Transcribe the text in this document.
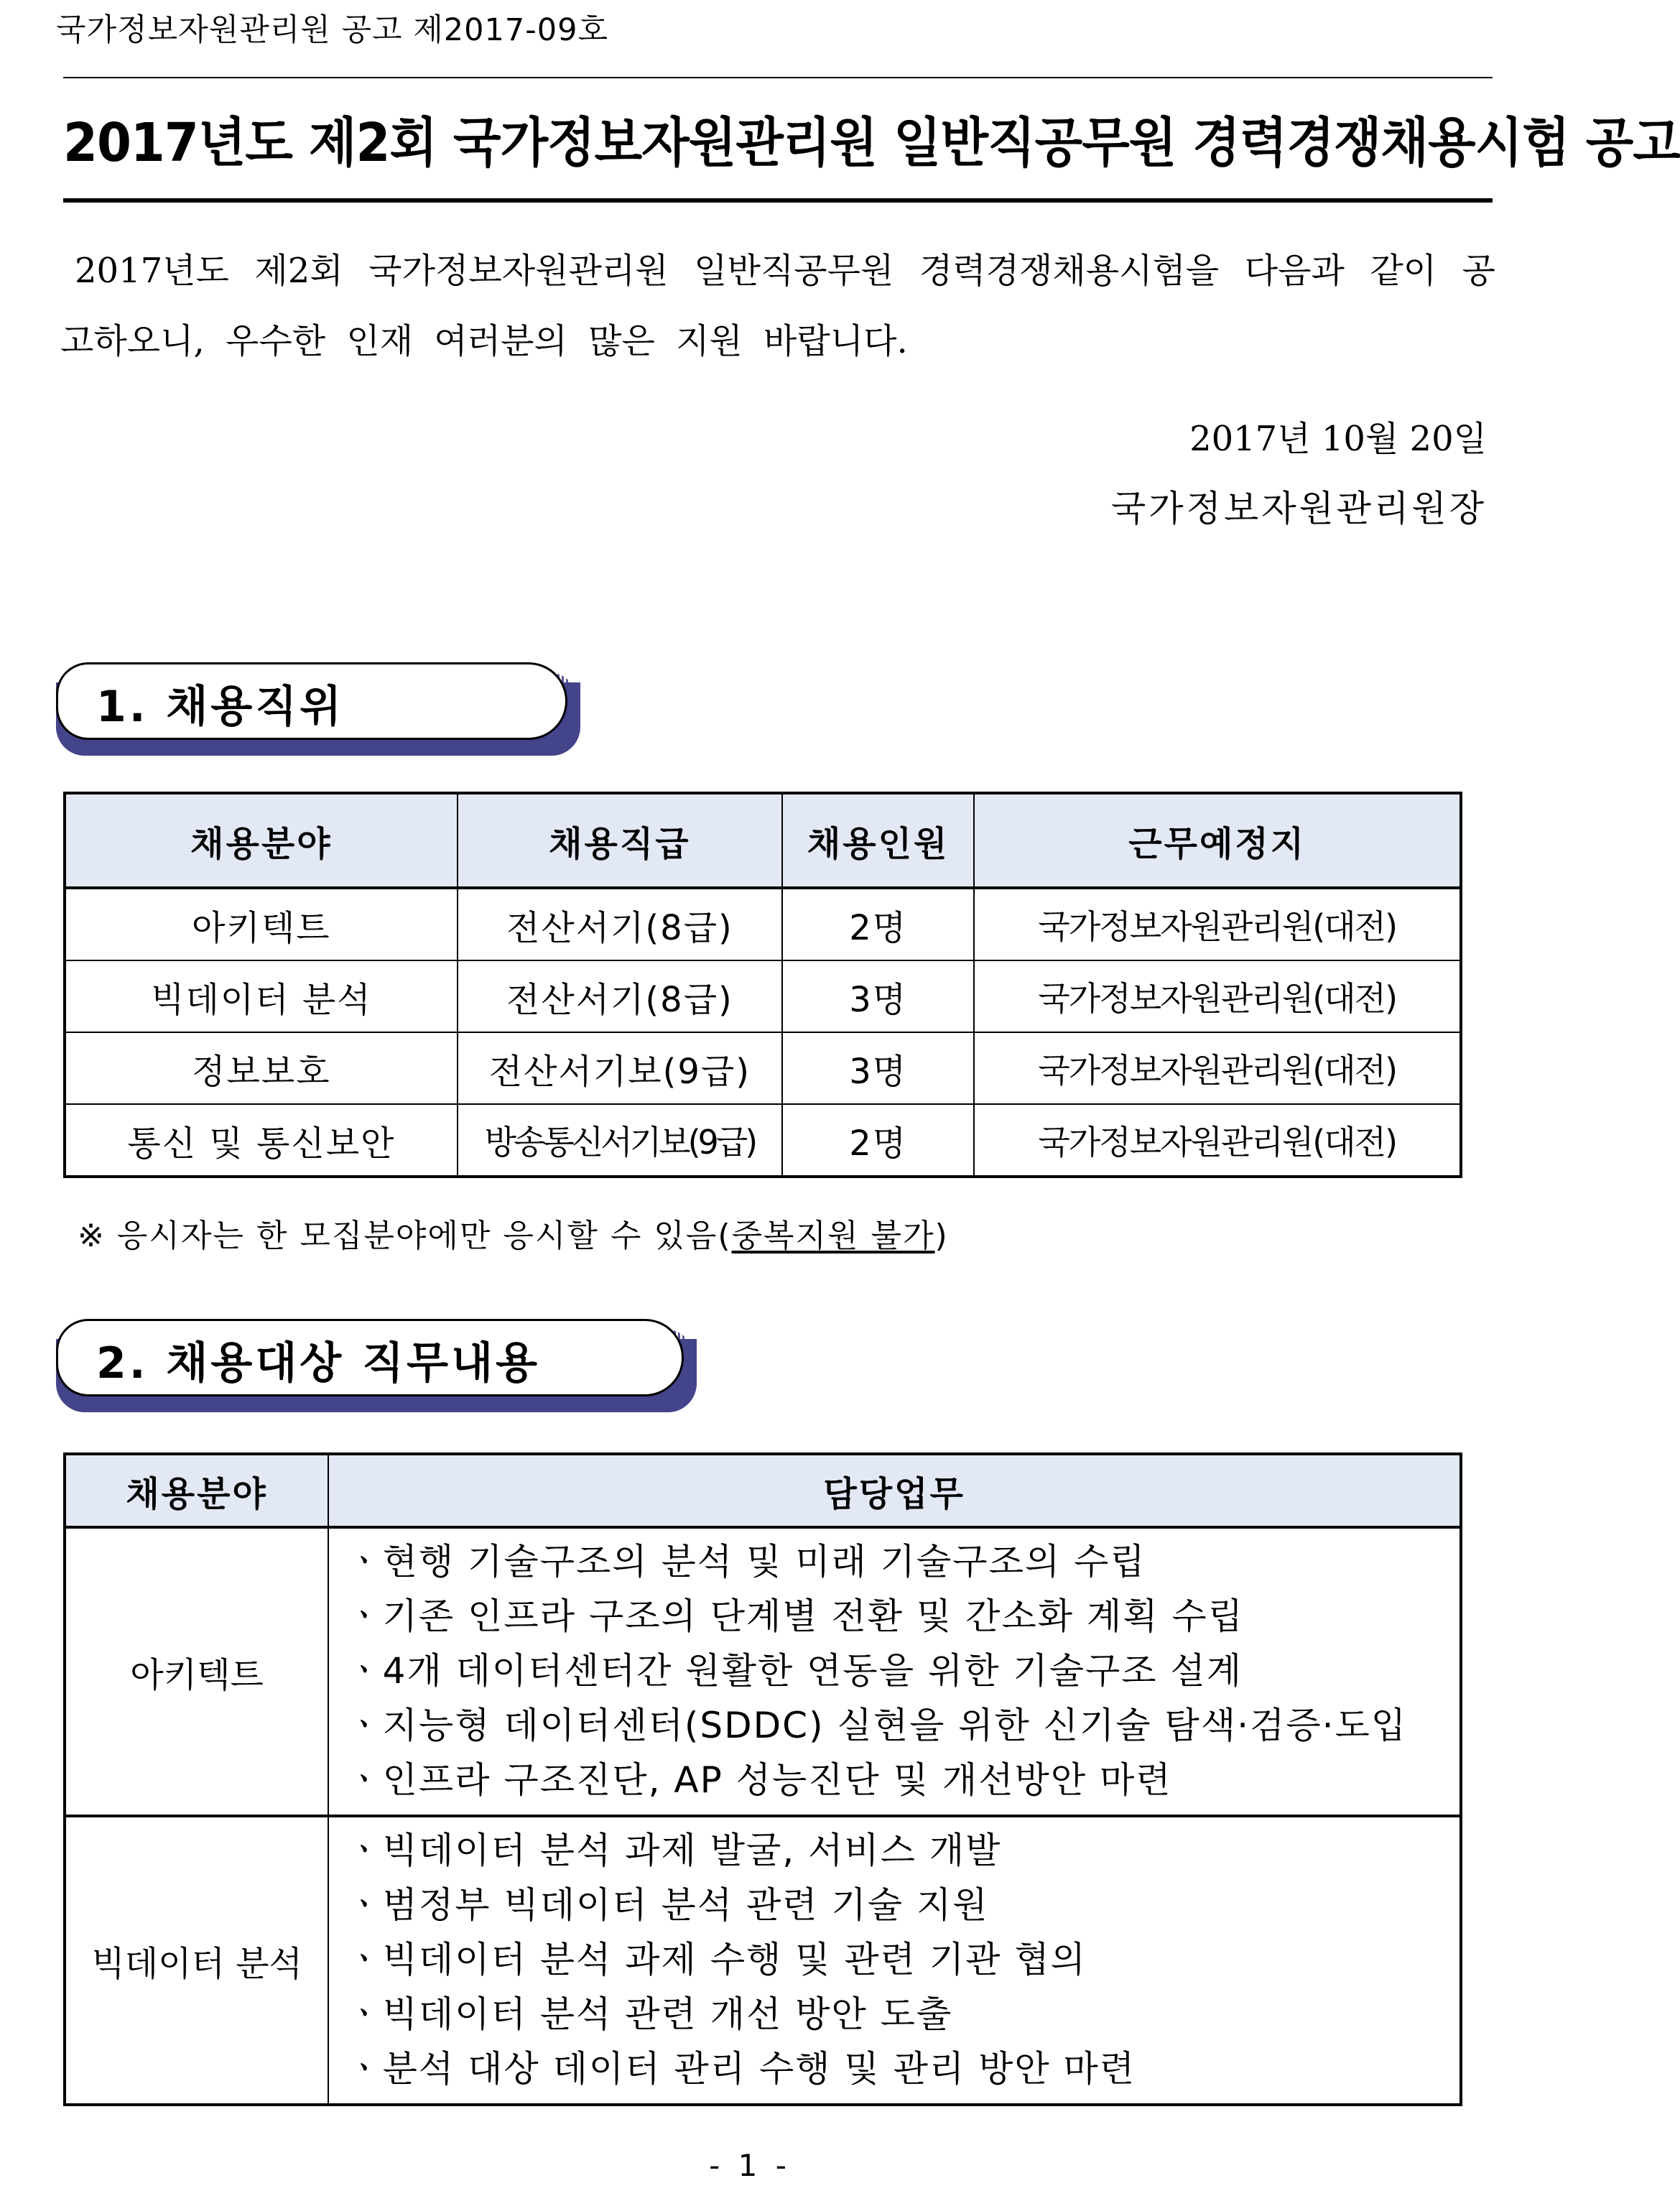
국가정보자원관리원 공고 제2017-09호
2017년도 제2회 국가정보자원관리원 일반직공무원 경력경쟁채용시험 공고
2017년도 제2회 국가정보자원관리원 일반직공무원 경력경쟁채용시험을 다음과 같이 공고하오니, 우수한 인재 여러분의 많은 지원 바랍니다.
2017년 10월 20일
국가정보자원관리원장
1. 채용직위
채용분야	채용직급	채용인원	근무예정지
아키텍트	전산서기(8급)	2명	국가정보자원관리원(대전)
빅데이터 분석	전산서기(8급)	3명	국가정보자원관리원(대전)
정보보호	전산서기보(9급)	3명	국가정보자원관리원(대전)
통신 및 통신보안	방송통신서기보(9급)	2명	국가정보자원관리원(대전)
※ 응시자는 한 모집분야에만 응시할 수 있음(중복지원 불가)
2. 채용대상 직무내용
채용분야	담당업무
아키텍트	ㆍ현행 기술구조의 분석 및 미래 기술구조의 수립
ㆍ기존 인프라 구조의 단계별 전환 및 간소화 계획 수립
ㆍ4개 데이터센터간 원활한 연동을 위한 기술구조 설계
ㆍ지능형 데이터센터(SDDC) 실현을 위한 신기술 탐색·검증·도입
ㆍ인프라 구조진단, AP 성능진단 및 개선방안 마련

빅데이터 분석	ㆍ빅데이터 분석 과제 발굴, 서비스 개발
ㆍ범정부 빅데이터 분석 관련 기술 지원
ㆍ빅데이터 분석 과제 수행 및 관련 기관 협의
ㆍ빅데이터 분석 관련 개선 방안 도출
ㆍ분석 대상 데이터 관리 수행 및 관리 방안 마련
- 1 -
